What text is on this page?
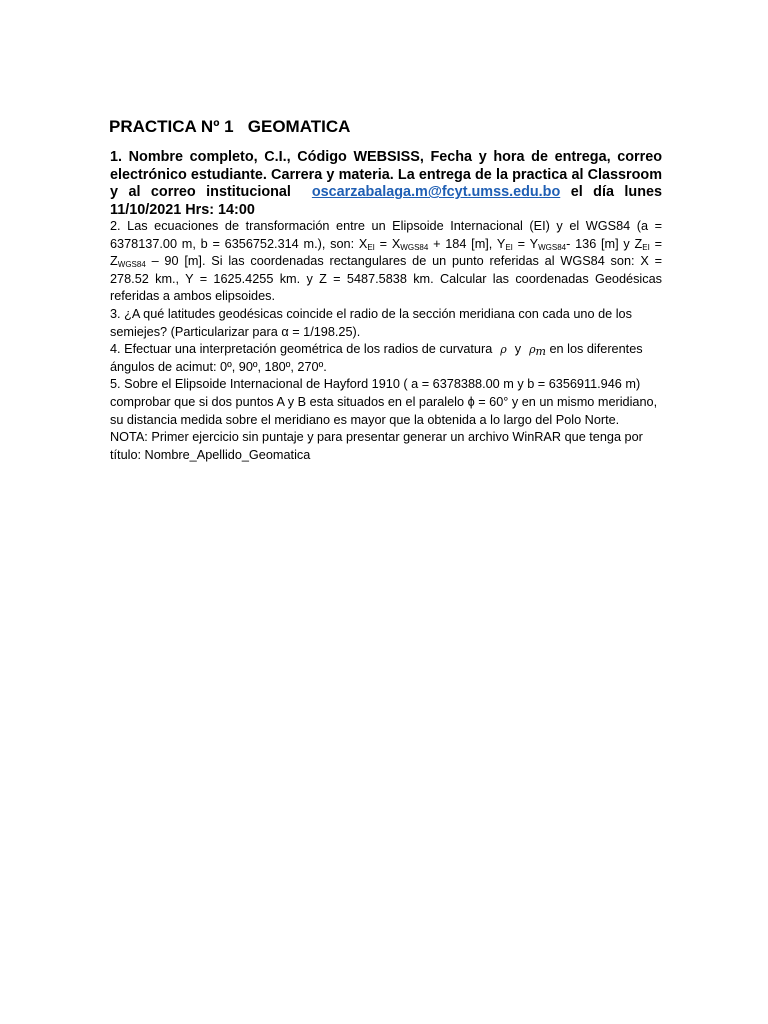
PRACTICA Nº 1   GEOMATICA

1. Nombre completo, C.I., Código WEBSISS, Fecha y hora de entrega, correo electrónico estudiante. Carrera y materia. La entrega de la practica al Classroom y al correo institucional oscarzabalaga.m@fcyt.umss.edu.bo el día lunes 11/10/2021 Hrs: 14:00

2. Las ecuaciones de transformación entre un Elipsoide Internacional (EI) y el WGS84 (a = 6378137.00 m, b = 6356752.314 m.), son: $X_{EI} = X_{WGS84} + 184$ [m], $Y_{EI} = Y_{WGS84}-$ 136 [m] y $Z_{EI} = Z_{WGS84} - 90$ [m]. Si las coordenadas rectangulares de un punto referidas al WGS84 son: X = 278.52 km., Y = 1625.4255 km. y Z = 5487.5838 km. Calcular las coordenadas Geodésicas referidas a ambos elipsoides.

3. ¿A qué latitudes geodésicas coincide el radio de la sección meridiana con cada uno de los semiejes? (Particularizar para α = 1/198.25).

4. Efectuar una interpretación geométrica de los radios de curvatura ρ y $\rho_m$ en los diferentes ángulos de acimut: 0º, 90º, 180º, 270º.

5. Sobre el Elipsoide Internacional de Hayford 1910 ( a = 6378388.00 m y b = 6356911.946 m) comprobar que si dos puntos A y B esta situados en el paralelo ϕ = 60° y en un mismo meridiano, su distancia medida sobre el meridiano es mayor que la obtenida a lo largo del Polo Norte.

NOTA: Primer ejercicio sin puntaje y para presentar generar un archivo WinRAR que tenga por título: Nombre_Apellido_Geomatica
